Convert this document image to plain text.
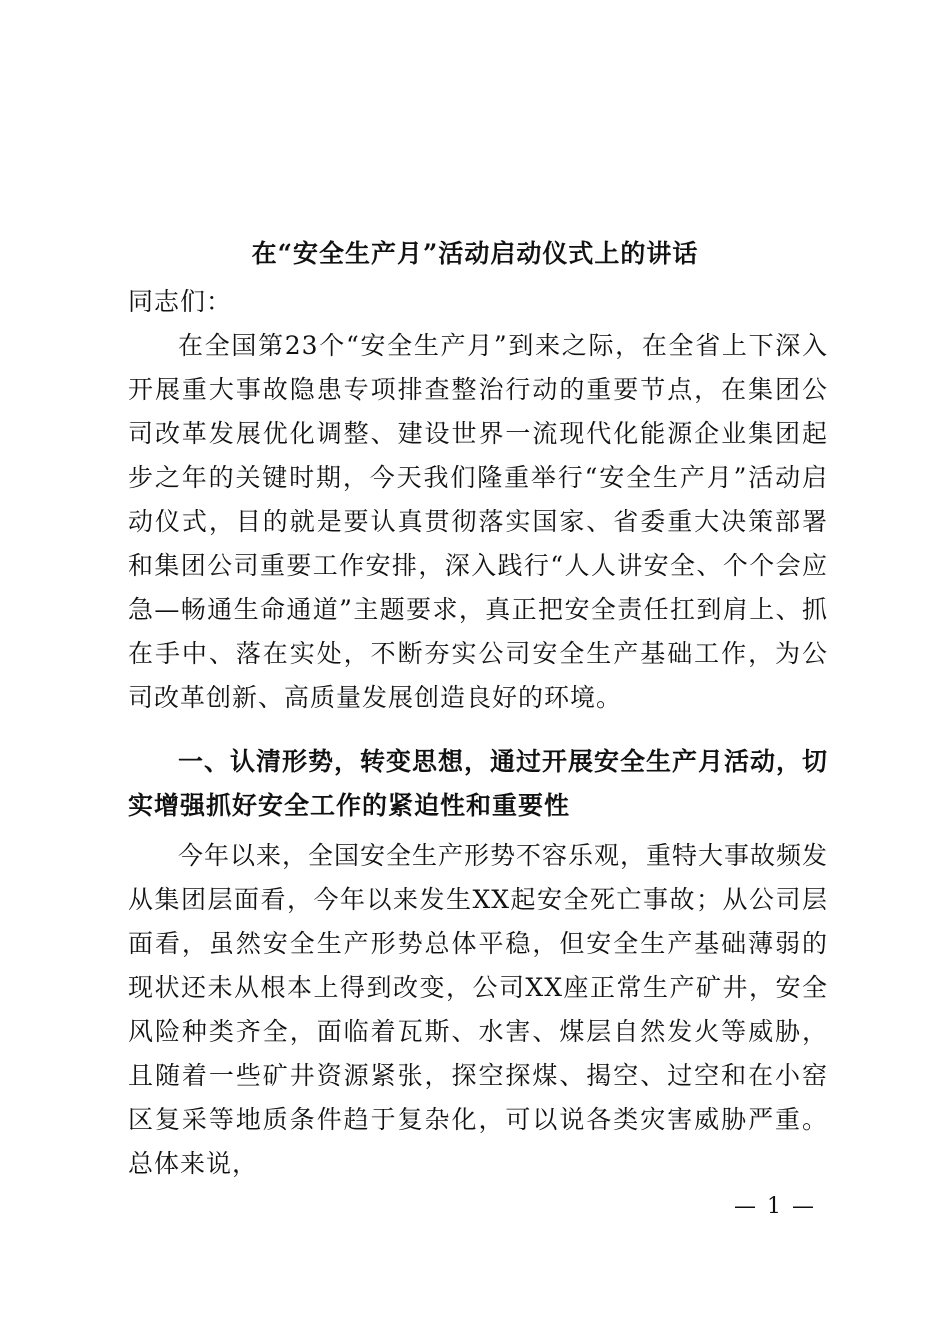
在“安全生产月”活动启动仪式上的讲话

同志们：

在全国第23个“安全生产月”到来之际，在全省上下深入开展重大事故隐患专项排查整治行动的重要节点，在集团公司改革发展优化调整、建设世界一流现代化能源企业集团起步之年的关键时期，今天我们隆重举行“安全生产月”活动启动仪式，目的就是要认真贯彻落实国家、省委重大决策部署和集团公司重要工作安排，深入践行“人人讲安全、个个会应急—畅通生命通道”主题要求，真正把安全责任扛到肩上、抓在手中、落在实处，不断夯实公司安全生产基础工作，为公司改革创新、高质量发展创造良好的环境。

一、认清形势，转变思想，通过开展安全生产月活动，切实增强抓好安全工作的紧迫性和重要性

今年以来，全国安全生产形势不容乐观，重特大事故频发从集团层面看，今年以来发生XX起安全死亡事故；从公司层面看，虽然安全生产形势总体平稳，但安全生产基础薄弱的现状还未从根本上得到改变，公司XX座正常生产矿井，安全风险种类齐全，面临着瓦斯、水害、煤层自然发火等威胁，且随着一些矿井资源紧张，探空探煤、揭空、过空和在小窑区复采等地质条件趋于复杂化，可以说各类灾害威胁严重。总体来说，

— 1 —
